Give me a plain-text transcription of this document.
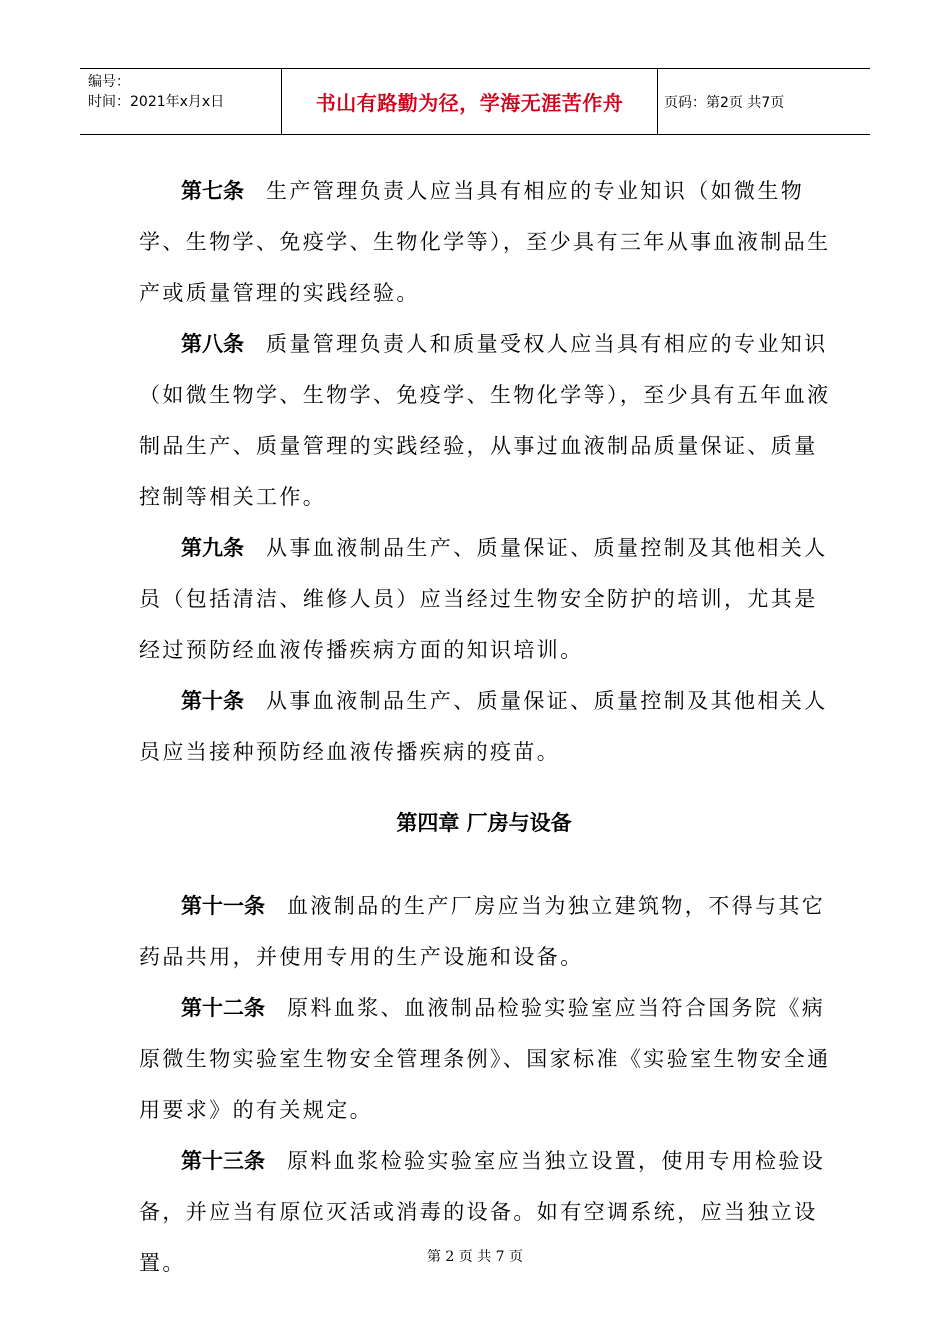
编号：
时间：2021年x月x日	书山有路勤为径，学海无涯苦作舟	页码：第2页 共7页

第七条 生产管理负责人应当具有相应的专业知识（如微生物学、生物学、免疫学、生物化学等），至少具有三年从事血液制品生产或质量管理的实践经验。

第八条 质量管理负责人和质量受权人应当具有相应的专业知识（如微生物学、生物学、免疫学、生物化学等），至少具有五年血液制品生产、质量管理的实践经验，从事过血液制品质量保证、质量控制等相关工作。

第九条 从事血液制品生产、质量保证、质量控制及其他相关人员（包括清洁、维修人员）应当经过生物安全防护的培训，尤其是经过预防经血液传播疾病方面的知识培训。

第十条 从事血液制品生产、质量保证、质量控制及其他相关人员应当接种预防经血液传播疾病的疫苗。

第四章 厂房与设备

第十一条 血液制品的生产厂房应当为独立建筑物，不得与其它药品共用，并使用专用的生产设施和设备。

第十二条 原料血浆、血液制品检验实验室应当符合国务院《病原微生物实验室生物安全管理条例》、国家标准《实验室生物安全通用要求》的有关规定。

第十三条 原料血浆检验实验室应当独立设置，使用专用检验设备，并应当有原位灭活或消毒的设备。如有空调系统，应当独立设置。	第 2 页 共 7 页
